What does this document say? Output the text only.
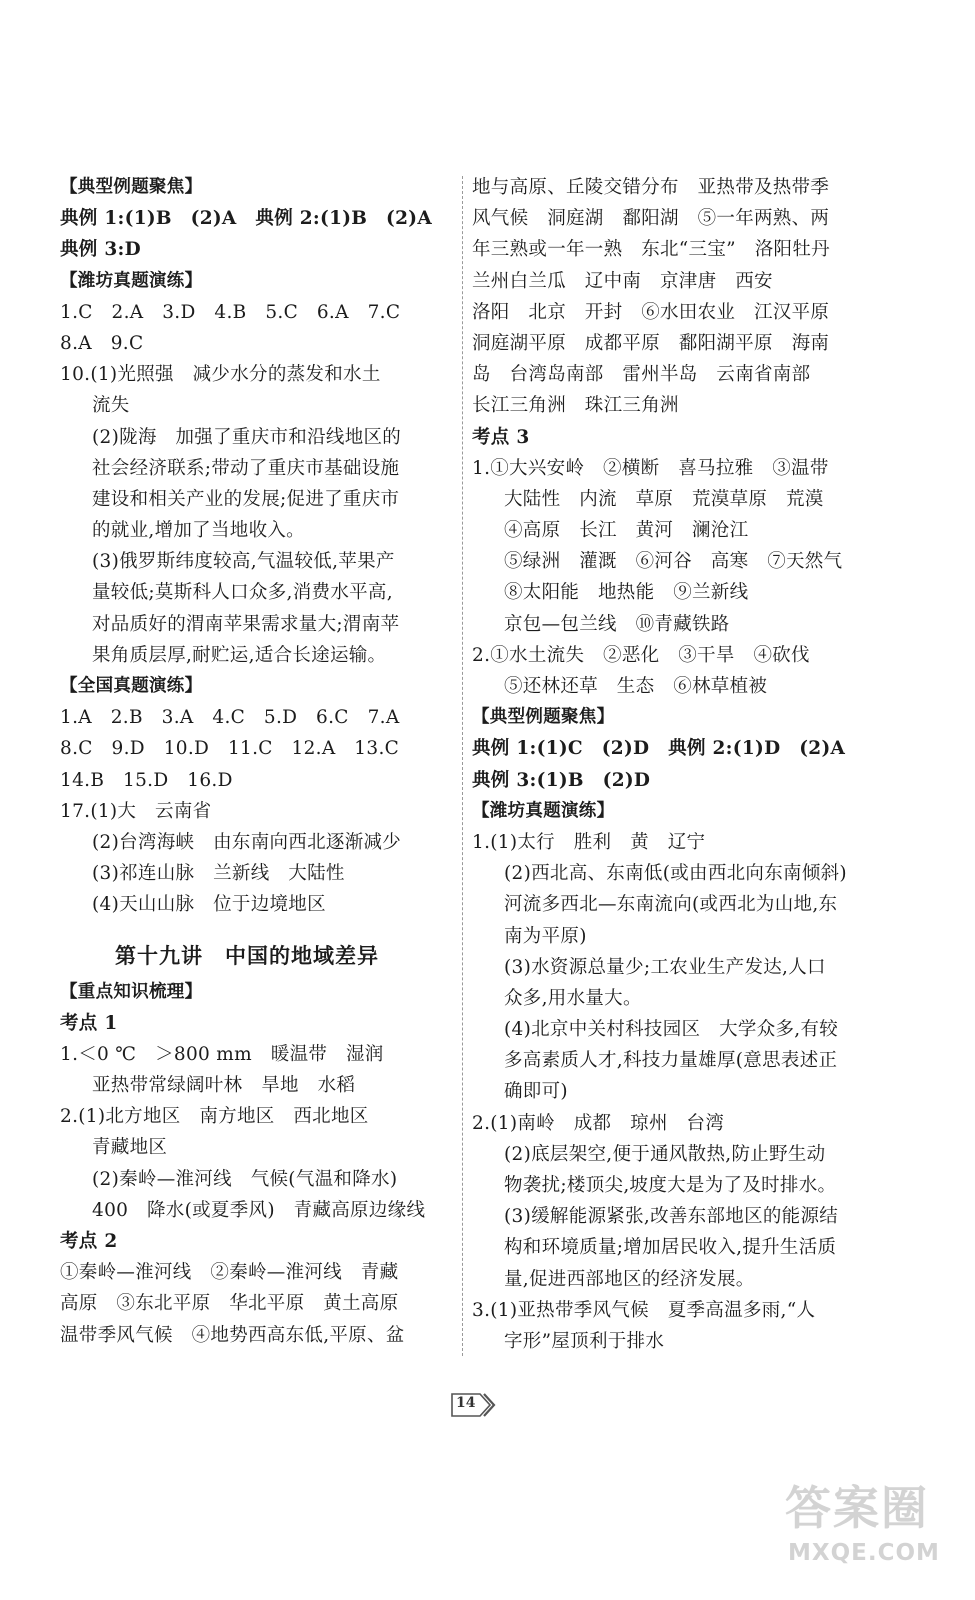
【典型例题聚焦】
典例 1:(1)B　(2)A　典例 2:(1)B　(2)A
典例 3:D
【潍坊真题演练】
1.C　2.A　3.D　4.B　5.C　6.A　7.C
8.A　9.C
10.(1)光照强　减少水分的蒸发和水土
流失
(2)陇海　加强了重庆市和沿线地区的
社会经济联系;带动了重庆市基础设施
建设和相关产业的发展;促进了重庆市
的就业,增加了当地收入。
(3)俄罗斯纬度较高,气温较低,苹果产
量较低;莫斯科人口众多,消费水平高,
对品质好的渭南苹果需求量大;渭南苹
果角质层厚,耐贮运,适合长途运输。
【全国真题演练】
1.A　2.B　3.A　4.C　5.D　6.C　7.A
8.C　9.D　10.D　11.C　12.A　13.C
14.B　15.D　16.D
17.(1)大　云南省
(2)台湾海峡　由东南向西北逐渐减少
(3)祁连山脉　兰新线　大陆性
(4)天山山脉　位于边境地区
第十九讲　中国的地域差异
【重点知识梳理】
考点 1
1.＜0 ℃　＞800 mm　暖温带　湿润
亚热带常绿阔叶林　旱地　水稻
2.(1)北方地区　南方地区　西北地区
青藏地区
(2)秦岭—淮河线　气候(气温和降水)
400　降水(或夏季风)　青藏高原边缘线
考点 2
①秦岭—淮河线　②秦岭—淮河线　青藏
高原　③东北平原　华北平原　黄土高原
温带季风气候　④地势西高东低,平原、盆
地与高原、丘陵交错分布　亚热带及热带季
风气候　洞庭湖　鄱阳湖　⑤一年两熟、两
年三熟或一年一熟　东北“三宝”　洛阳牡丹
兰州白兰瓜　辽中南　京津唐　西安
洛阳　北京　开封　⑥水田农业　江汉平原
洞庭湖平原　成都平原　鄱阳湖平原　海南
岛　台湾岛南部　雷州半岛　云南省南部
长江三角洲　珠江三角洲
考点 3
1.①大兴安岭　②横断　喜马拉雅　③温带
大陆性　内流　草原　荒漠草原　荒漠
④高原　长江　黄河　澜沧江
⑤绿洲　灌溉　⑥河谷　高寒　⑦天然气
⑧太阳能　地热能　⑨兰新线
京包—包兰线　⑩青藏铁路
2.①水土流失　②恶化　③干旱　④砍伐
⑤还林还草　生态　⑥林草植被
【典型例题聚焦】
典例 1:(1)C　(2)D　典例 2:(1)D　(2)A
典例 3:(1)B　(2)D
【潍坊真题演练】
1.(1)太行　胜利　黄　辽宁
(2)西北高、东南低(或由西北向东南倾斜)
河流多西北—东南流向(或西北为山地,东
南为平原)
(3)水资源总量少;工农业生产发达,人口
众多,用水量大。
(4)北京中关村科技园区　大学众多,有较
多高素质人才,科技力量雄厚(意思表述正
确即可)
2.(1)南岭　成都　琼州　台湾
(2)底层架空,便于通风散热,防止野生动
物袭扰;楼顶尖,坡度大是为了及时排水。
(3)缓解能源紧张,改善东部地区的能源结
构和环境质量;增加居民收入,提升生活质
量,促进西部地区的经济发展。
3.(1)亚热带季风气候　夏季高温多雨,“人
字形”屋顶利于排水
14
答案圈
MXQE.COM
